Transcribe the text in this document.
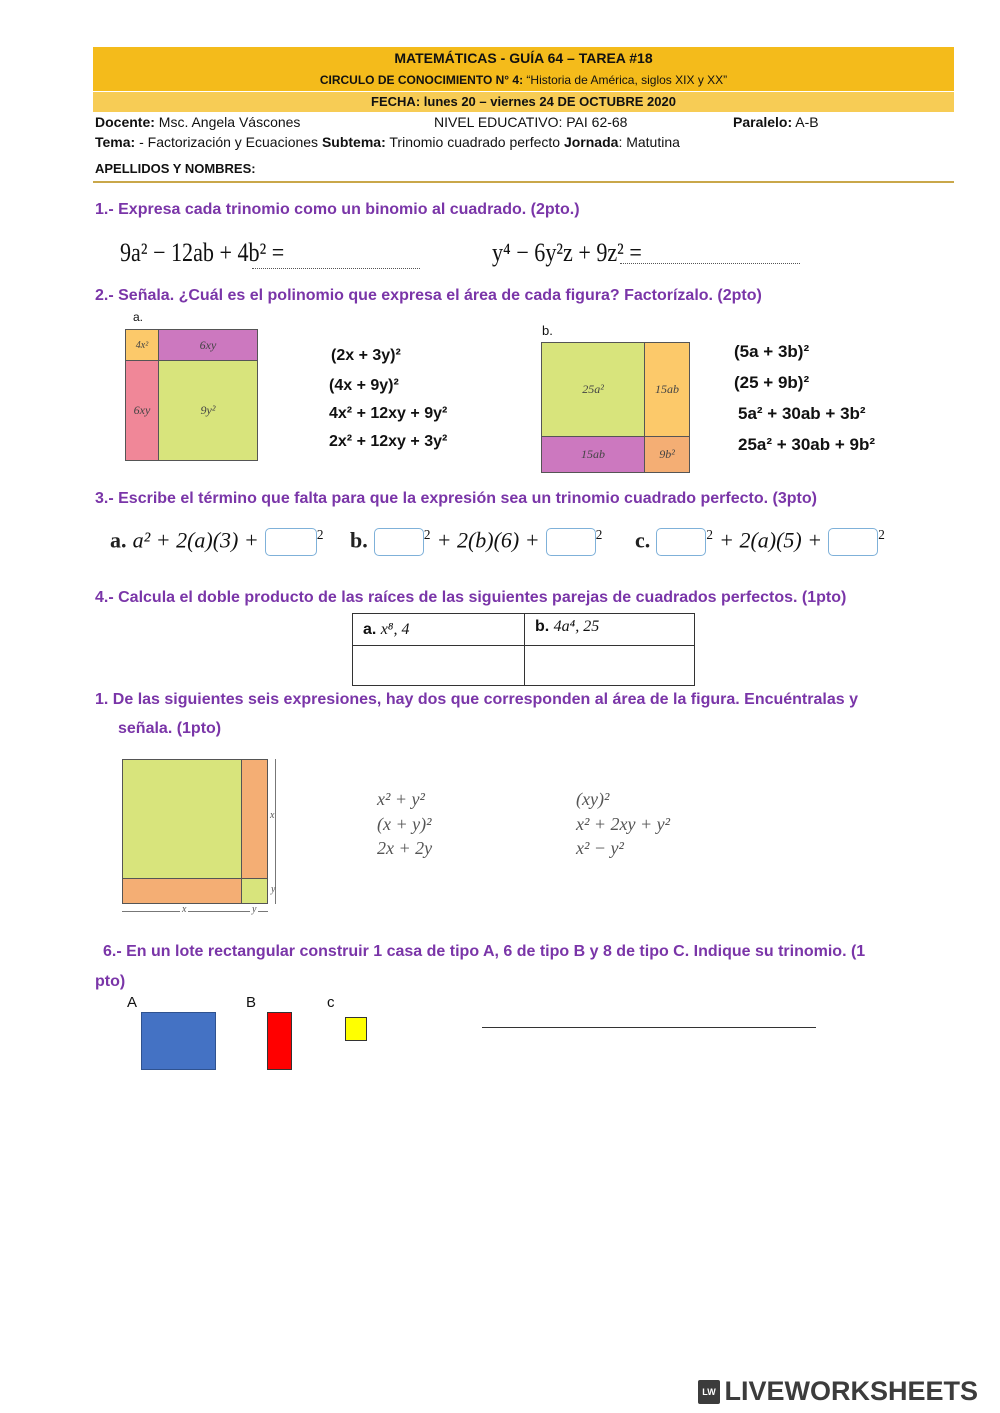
MATEMÁTICAS - GUÍA 64 – TAREA #18
CIRCULO DE CONOCIMIENTO N° 4: “Historia de América, siglos XIX y XX”
FECHA: lunes 20 – viernes 24 DE OCTUBRE 2020
Docente: Msc. Angela Váscones	NIVEL EDUCATIVO: PAI 62-68	Paralelo: A-B
Tema: - Factorización y Ecuaciones Subtema: Trinomio cuadrado perfecto Jornada: Matutina
APELLIDOS Y NOMBRES:
1.- Expresa cada trinomio como un binomio al cuadrado. (2pto.)
9a² − 12ab + 4b² =	y⁴ − 6y²z + 9z² =
2.- Señala. ¿Cuál es el polinomio que expresa el área de cada figura? Factorízalo. (2pto)
a.
4x²	6xy
6xy	9y²
(2x + 3y)²
(4x + 9y)²
4x² + 12xy + 9y²
2x² + 12xy + 3y²
b.
25a²	15ab
15ab	9b²
(5a + 3b)²
(25 + 9b)²
5a² + 30ab + 3b²
25a² + 30ab + 9b²
3.- Escribe el término que falta para que la expresión sea un trinomio cuadrado perfecto. (3pto)
a. a² + 2(a)(3) +	$^2$ b.	$^2$ + 2(b)(6) +	$^2$ c.	$^2$ + 2(a)(5) +	$^2$
4.- Calcula el doble producto de las raíces de las siguientes parejas de cuadrados perfectos. (1pto)
a. x⁸, 4	b. 4a⁴, 25
1. De las siguientes seis expresiones, hay dos que corresponden al área de la figura. Encuéntralas y
señala. (1pto)
x
y
x	y
x² + y²
(x + y)²
2x + 2y
(xy)²
x² + 2xy + y²
x² − y²
6.- En un lote rectangular construir 1 casa de tipo A, 6 de tipo B y 8 de tipo C. Indique su trinomio. (1
pto)
A	B	c
LW LIVEWORKSHEETS
